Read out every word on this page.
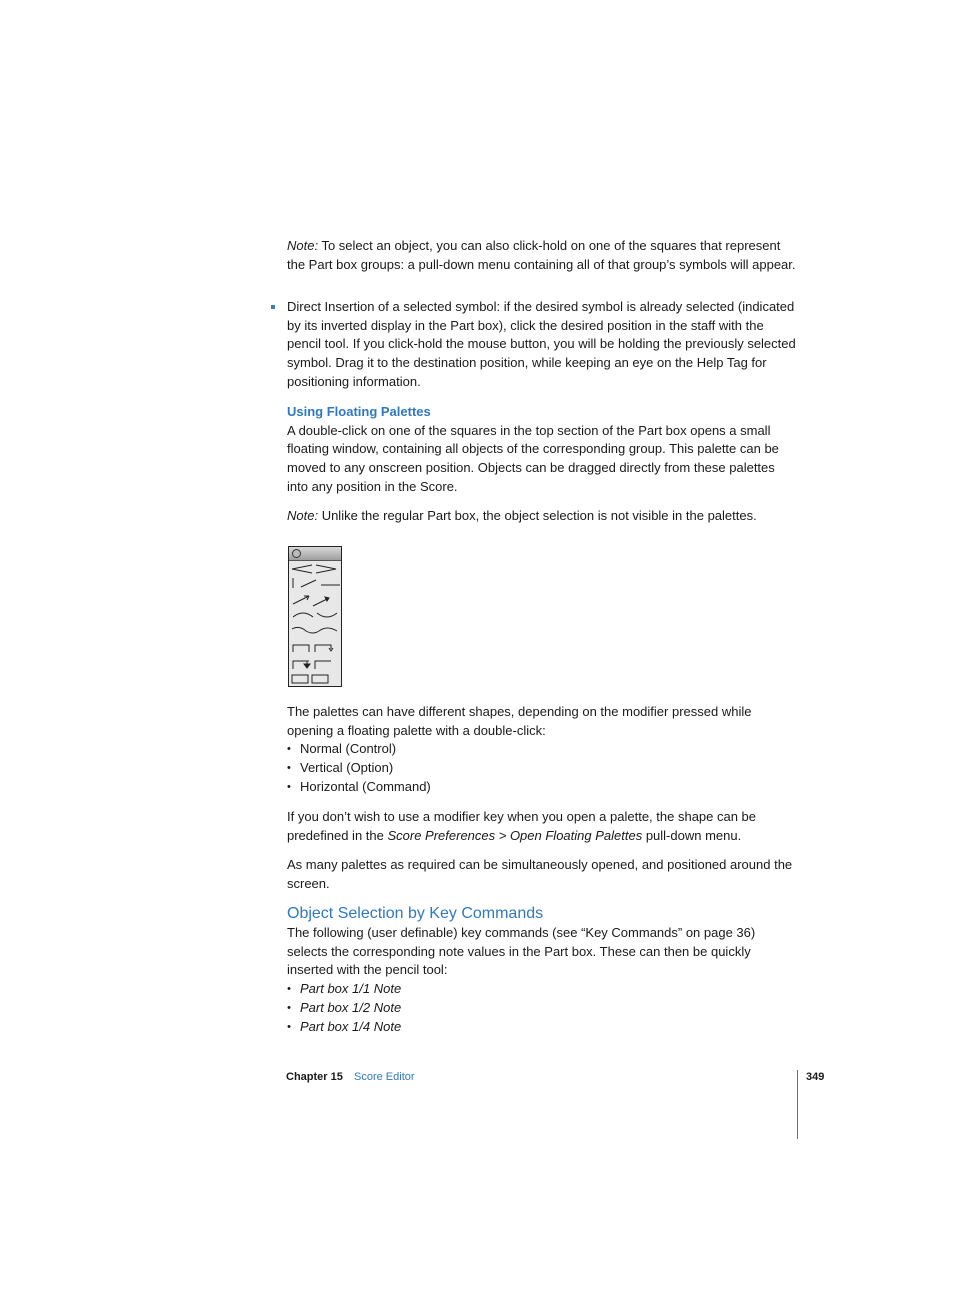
Note: To select an object, you can also click-hold on one of the squares that represent the Part box groups: a pull-down menu containing all of that group’s symbols will appear.

Direct Insertion of a selected symbol: if the desired symbol is already selected (indicated by its inverted display in the Part box), click the desired position in the staff with the pencil tool. If you click-hold the mouse button, you will be holding the previously selected symbol. Drag it to the destination position, while keeping an eye on the Help Tag for positioning information.

Using Floating Palettes

A double-click on one of the squares in the top section of the Part box opens a small floating window, containing all objects of the corresponding group. This palette can be moved to any onscreen position. Objects can be dragged directly from these palettes into any position in the Score.

Note: Unlike the regular Part box, the object selection is not visible in the palettes.

The palettes can have different shapes, depending on the modifier pressed while opening a floating palette with a double-click:

• Normal (Control)
• Vertical (Option)
• Horizontal (Command)

If you don’t wish to use a modifier key when you open a palette, the shape can be predefined in the Score Preferences > Open Floating Palettes pull-down menu.

As many palettes as required can be simultaneously opened, and positioned around the screen.

Object Selection by Key Commands

The following (user definable) key commands (see “Key Commands” on page 36) selects the corresponding note values in the Part box. These can then be quickly inserted with the pencil tool:

• Part box 1/1 Note
• Part box 1/2 Note
• Part box 1/4 Note
Chapter 15 Score Editor	349
